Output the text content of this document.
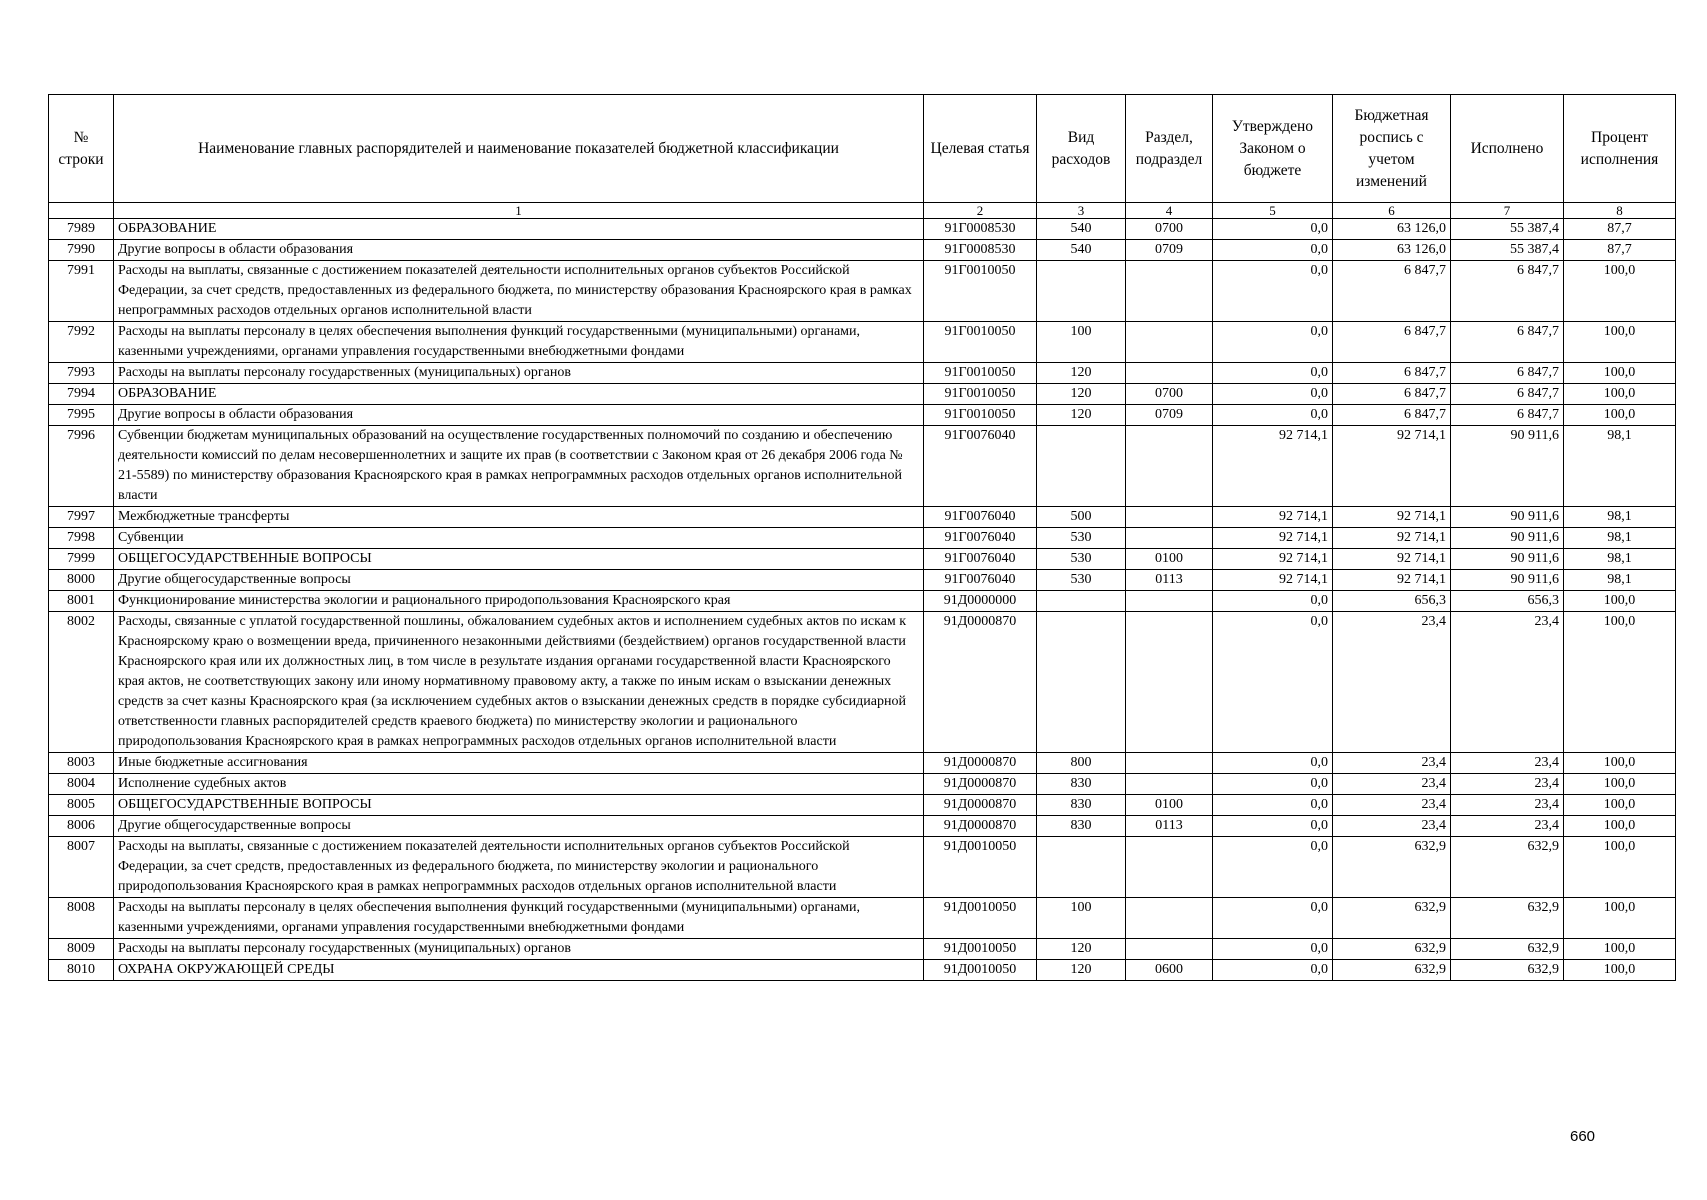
№ строки	Наименование главных распорядителей и наименование показателей бюджетной классификации	Целевая статья	Вид расходов	Раздел, подраздел	Утверждено Законом о бюджете	Бюджетная роспись с учетом изменений	Исполнено	Процент исполнения
	1	2	3	4	5	6	7	8
7989	ОБРАЗОВАНИЕ	91Г0008530	540	0700	0,0	63 126,0	55 387,4	87,7
7990	Другие вопросы в области образования	91Г0008530	540	0709	0,0	63 126,0	55 387,4	87,7
7991	Расходы на выплаты, связанные с достижением показателей деятельности исполнительных органов субъектов Российской Федерации, за счет средств, предоставленных из федерального бюджета, по министерству образования Красноярского края в рамках непрограммных расходов отдельных органов исполнительной власти	91Г0010050			0,0	6 847,7	6 847,7	100,0
7992	Расходы на выплаты персоналу в целях обеспечения выполнения функций государственными (муниципальными) органами, казенными учреждениями, органами управления государственными внебюджетными фондами	91Г0010050	100		0,0	6 847,7	6 847,7	100,0
7993	Расходы на выплаты персоналу государственных (муниципальных) органов	91Г0010050	120		0,0	6 847,7	6 847,7	100,0
7994	ОБРАЗОВАНИЕ	91Г0010050	120	0700	0,0	6 847,7	6 847,7	100,0
7995	Другие вопросы в области образования	91Г0010050	120	0709	0,0	6 847,7	6 847,7	100,0
7996	Субвенции бюджетам муниципальных образований на осуществление государственных полномочий по созданию и обеспечению деятельности комиссий по делам несовершеннолетних и защите их прав (в соответствии с Законом края от 26 декабря 2006 года № 21-5589) по министерству образования Красноярского края в рамках непрограммных расходов отдельных органов исполнительной власти	91Г0076040			92 714,1	92 714,1	90 911,6	98,1
7997	Межбюджетные трансферты	91Г0076040	500		92 714,1	92 714,1	90 911,6	98,1
7998	Субвенции	91Г0076040	530		92 714,1	92 714,1	90 911,6	98,1
7999	ОБЩЕГОСУДАРСТВЕННЫЕ ВОПРОСЫ	91Г0076040	530	0100	92 714,1	92 714,1	90 911,6	98,1
8000	Другие общегосударственные вопросы	91Г0076040	530	0113	92 714,1	92 714,1	90 911,6	98,1
8001	Функционирование министерства экологии и рационального природопользования Красноярского края	91Д0000000			0,0	656,3	656,3	100,0
8002	Расходы, связанные с уплатой государственной пошлины, обжалованием судебных актов и исполнением судебных актов по искам к Красноярскому краю о возмещении вреда, причиненного незаконными действиями (бездействием) органов государственной власти Красноярского края или их должностных лиц, в том числе в результате издания органами государственной власти Красноярского края актов, не соответствующих закону или иному нормативному правовому акту, а также по иным искам о взыскании денежных средств за счет казны Красноярского края (за исключением судебных актов о взыскании денежных средств в порядке субсидиарной ответственности главных распорядителей средств краевого бюджета) по министерству экологии и рационального природопользования Красноярского края в рамках непрограммных расходов отдельных органов исполнительной власти	91Д0000870			0,0	23,4	23,4	100,0
8003	Иные бюджетные ассигнования	91Д0000870	800		0,0	23,4	23,4	100,0
8004	Исполнение судебных актов	91Д0000870	830		0,0	23,4	23,4	100,0
8005	ОБЩЕГОСУДАРСТВЕННЫЕ ВОПРОСЫ	91Д0000870	830	0100	0,0	23,4	23,4	100,0
8006	Другие общегосударственные вопросы	91Д0000870	830	0113	0,0	23,4	23,4	100,0
8007	Расходы на выплаты, связанные с достижением показателей деятельности исполнительных органов субъектов Российской Федерации, за счет средств, предоставленных из федерального бюджета, по министерству экологии и рационального природопользования Красноярского края в рамках непрограммных расходов отдельных органов исполнительной власти	91Д0010050			0,0	632,9	632,9	100,0
8008	Расходы на выплаты персоналу в целях обеспечения выполнения функций государственными (муниципальными) органами, казенными учреждениями, органами управления государственными внебюджетными фондами	91Д0010050	100		0,0	632,9	632,9	100,0
8009	Расходы на выплаты персоналу государственных (муниципальных) органов	91Д0010050	120		0,0	632,9	632,9	100,0
8010	ОХРАНА ОКРУЖАЮЩЕЙ СРЕДЫ	91Д0010050	120	0600	0,0	632,9	632,9	100,0
660
